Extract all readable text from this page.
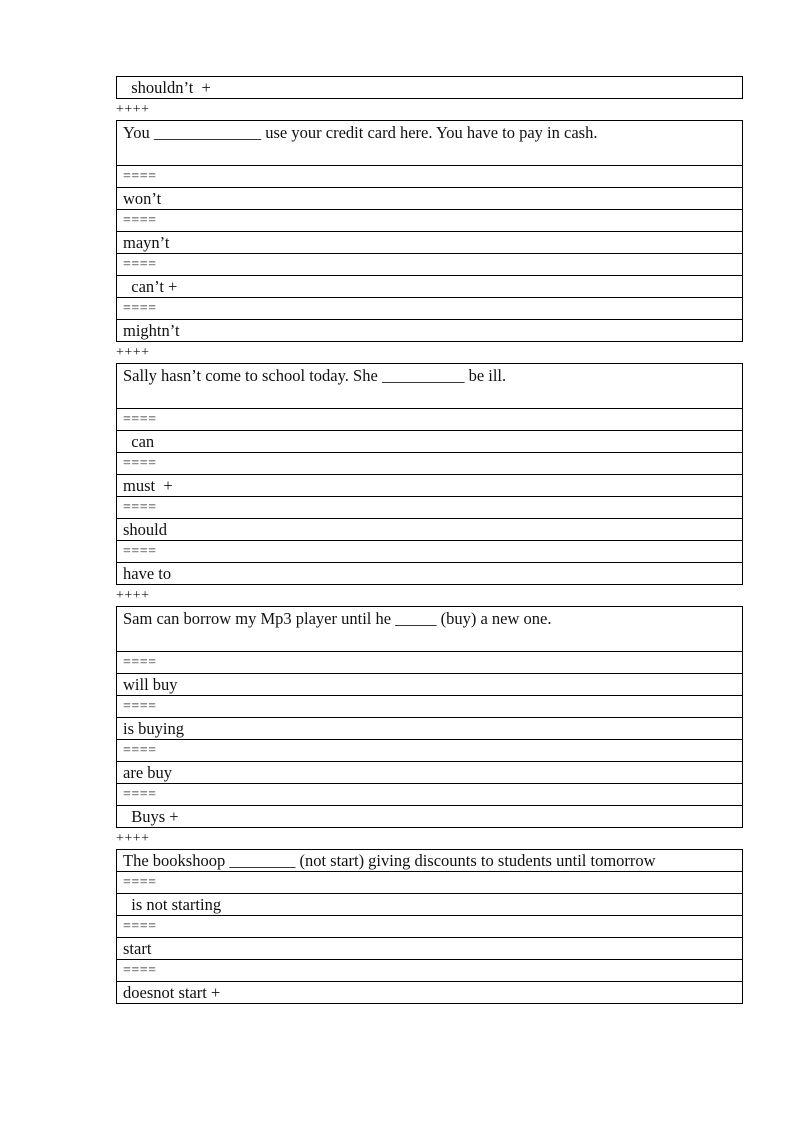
shouldn’t  +
++++
You _____________ use your credit card here. You have to pay in cash.
====
won’t
====
mayn’t
====
can’t +
====
mightn’t
++++
Sally hasn’t come to school today. She __________ be ill.
====
can
====
must  +
====
should
====
have to
++++
Sam can borrow my Mp3 player until he _____ (buy) a new one.
====
will buy
====
is buying
====
are buy
====
Buys +
++++
The bookshoop ________ (not start) giving discounts to students until tomorrow
====
is not starting
====
start
====
doesnot start +
